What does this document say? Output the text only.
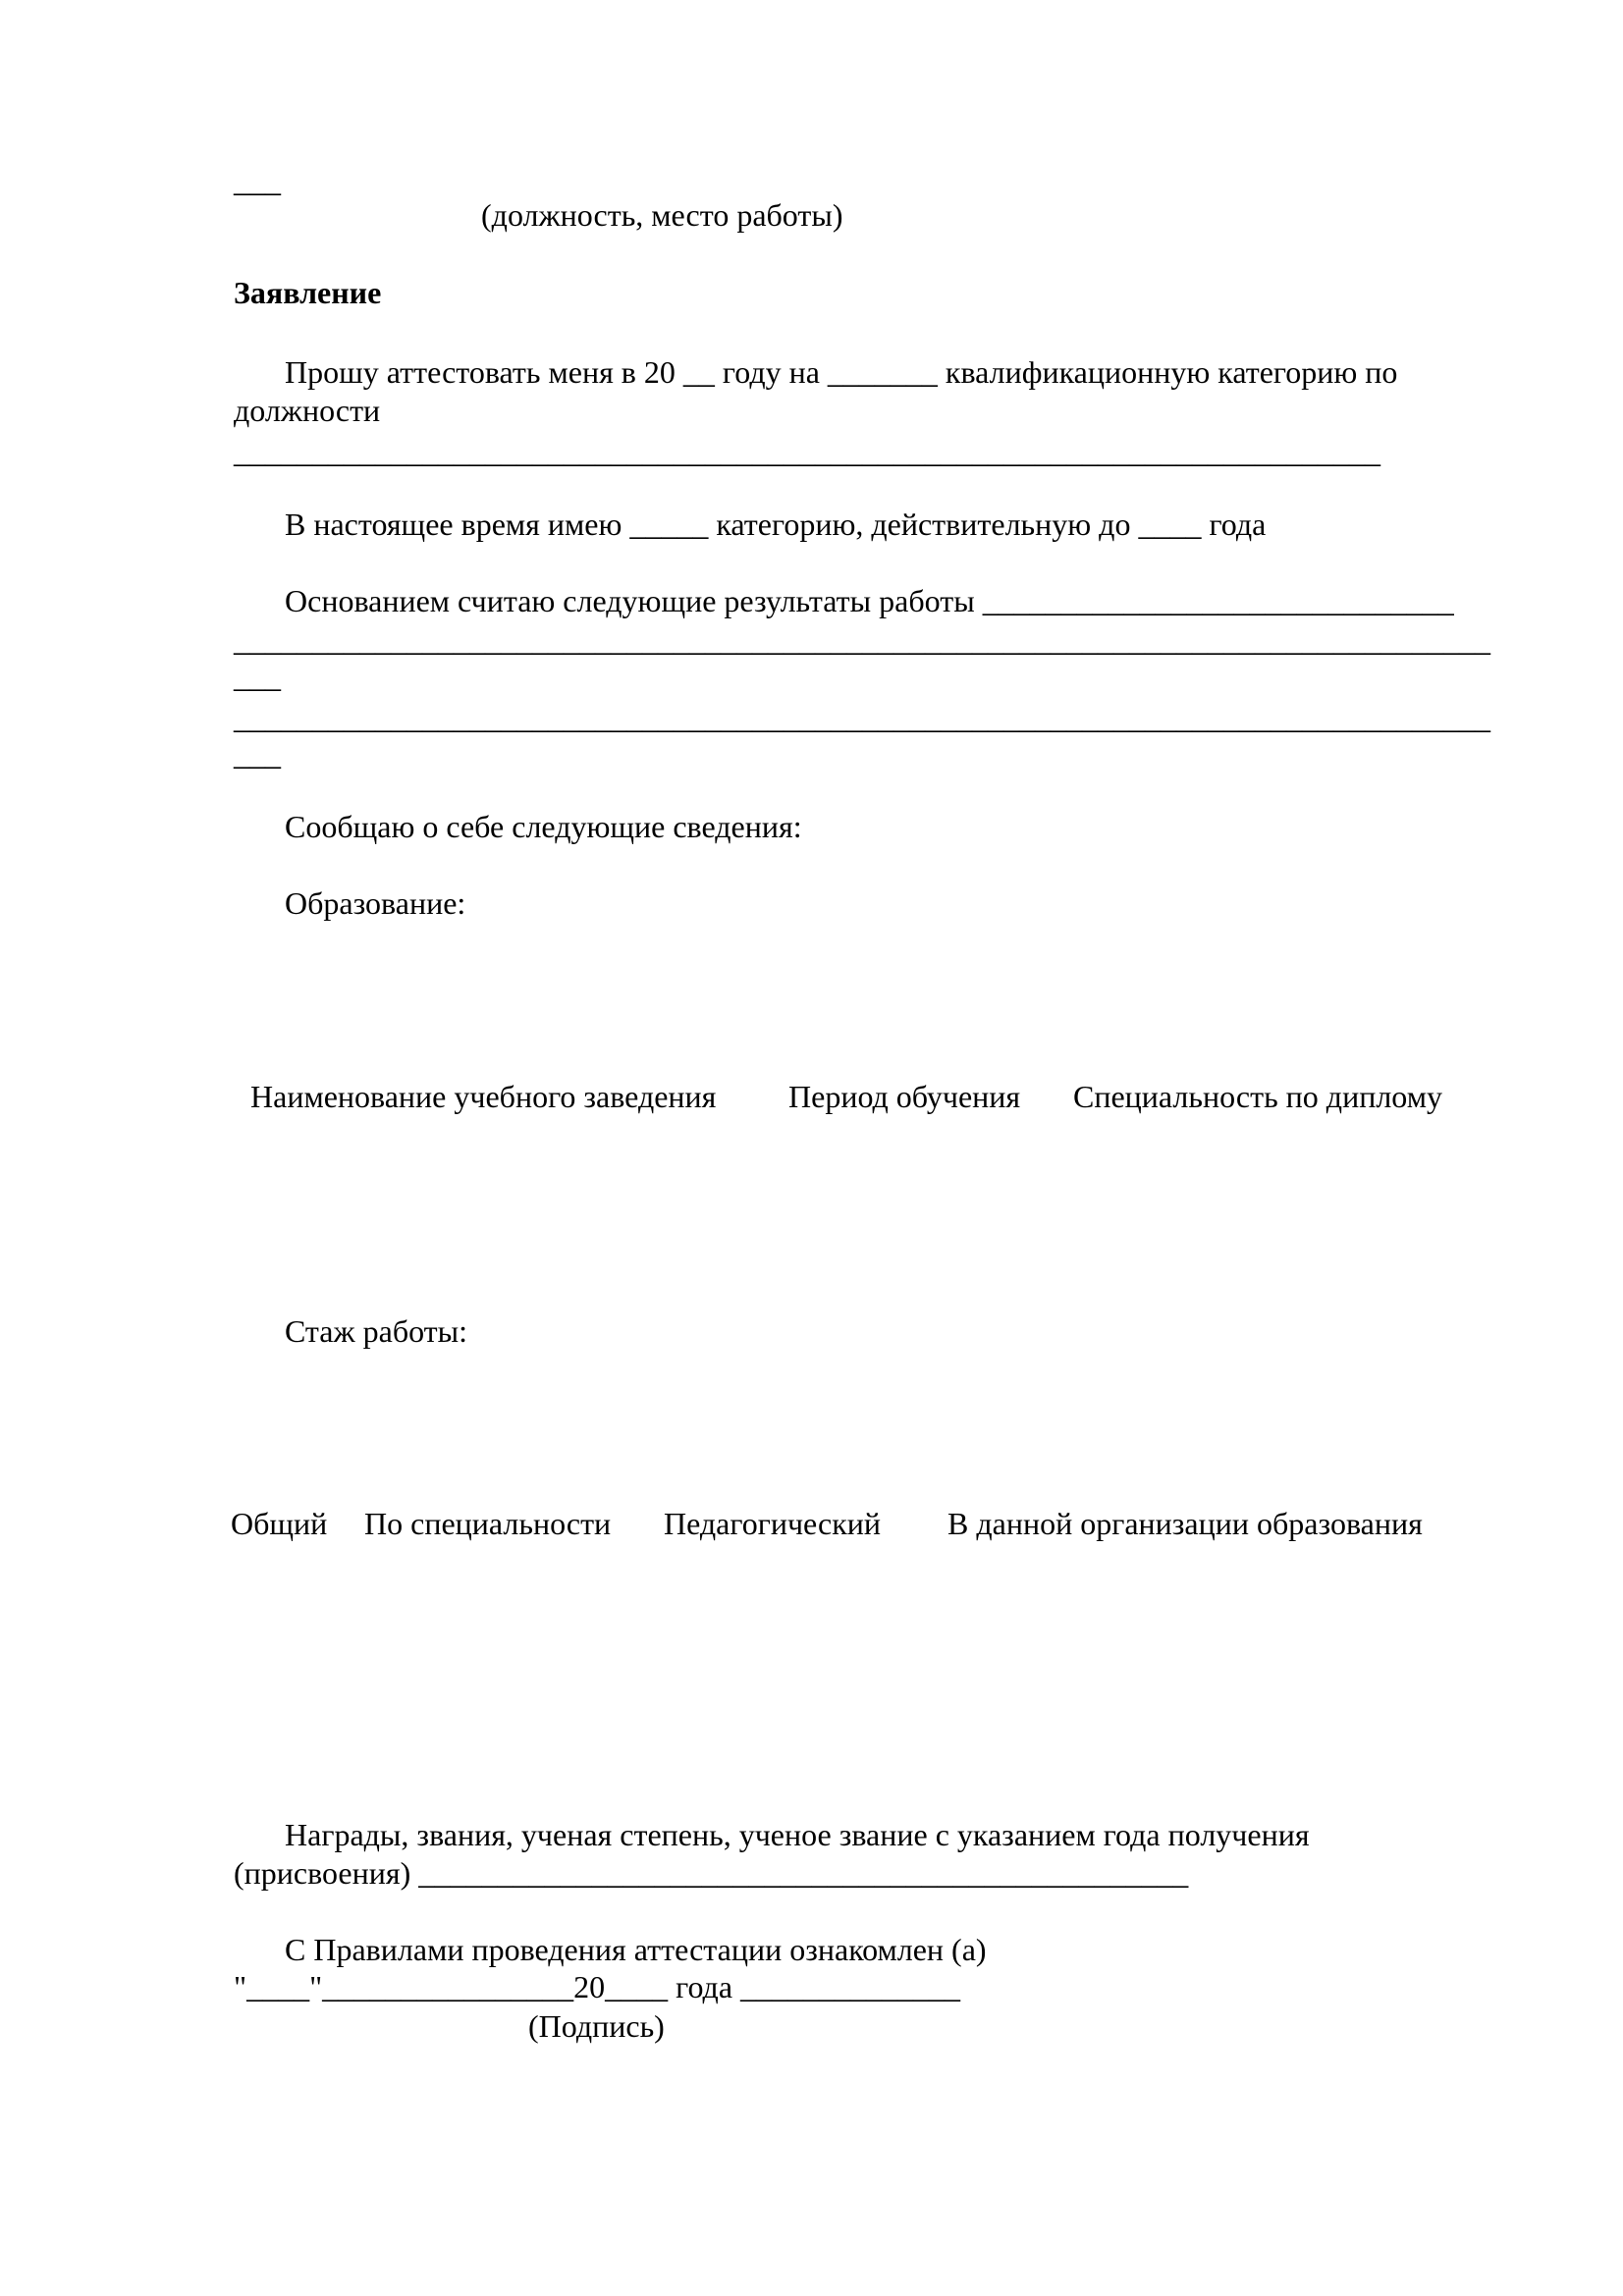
___
(должность, место работы)
Заявление
Прошу аттестовать меня в 20 __ году на _______ квалификационную категорию по
должности
_________________________________________________________________________
В настоящее время имею _____ категорию, действительную до ____ года
Основанием считаю следующие результаты работы ______________________________
________________________________________________________________________________
___
________________________________________________________________________________
___
Сообщаю о себе следующие сведения:
Образование:
Наименование учебного заведения Период обучения Специальность по диплому
Стаж работы:
Общий По специальности Педагогический В данной организации образования
Награды, звания, ученая степень, ученое звание с указанием года получения
(присвоения) _________________________________________________
С Правилами проведения аттестации ознакомлен (а)
"____"________________20____ года ______________
(Подпись)
